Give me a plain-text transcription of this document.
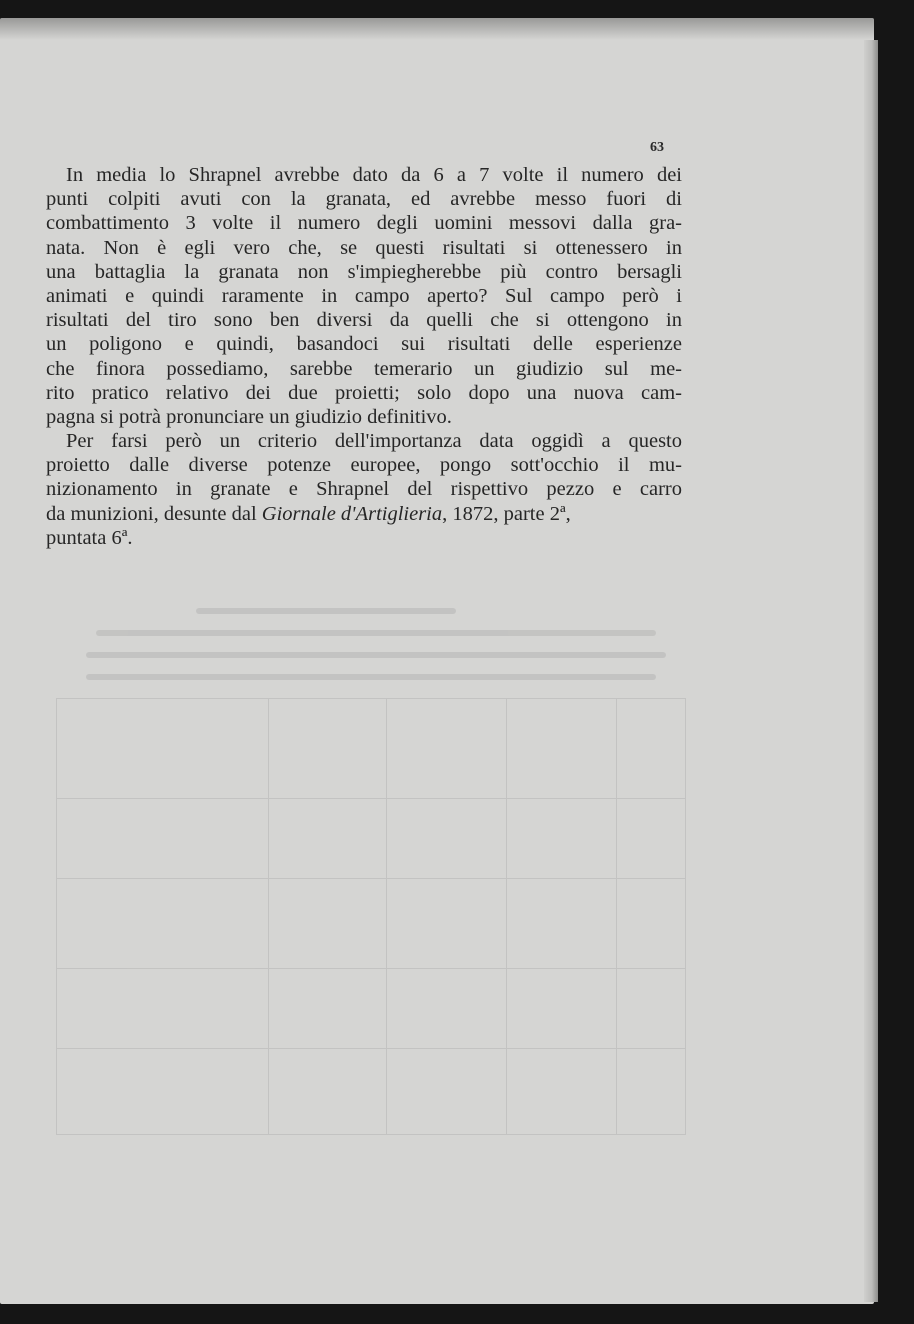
63

In media lo Shrapnel avrebbe dato da 6 a 7 volte il numero dei

punti colpiti avuti con la granata, ed avrebbe messo fuori di

combattimento 3 volte il numero degli uomini messovi dalla gra-

nata. Non è egli vero che, se questi risultati si ottenessero in

una battaglia la granata non s'impiegherebbe più contro bersagli

animati e quindi raramente in campo aperto? Sul campo però i

risultati del tiro sono ben diversi da quelli che si ottengono in

un poligono e quindi, basandoci sui risultati delle esperienze

che finora possediamo, sarebbe temerario un giudizio sul me-

rito pratico relativo dei due proietti; solo dopo una nuova cam-

pagna si potrà pronunciare un giudizio definitivo.

Per farsi però un criterio dell'importanza data oggidì a questo

proietto dalle diverse potenze europee, pongo sott'occhio il mu-

nizionamento in granate e Shrapnel del rispettivo pezzo e carro

da munizioni, desunte dal Giornale d'Artiglieria , 1872, parte 2ª,

puntata 6ª.
